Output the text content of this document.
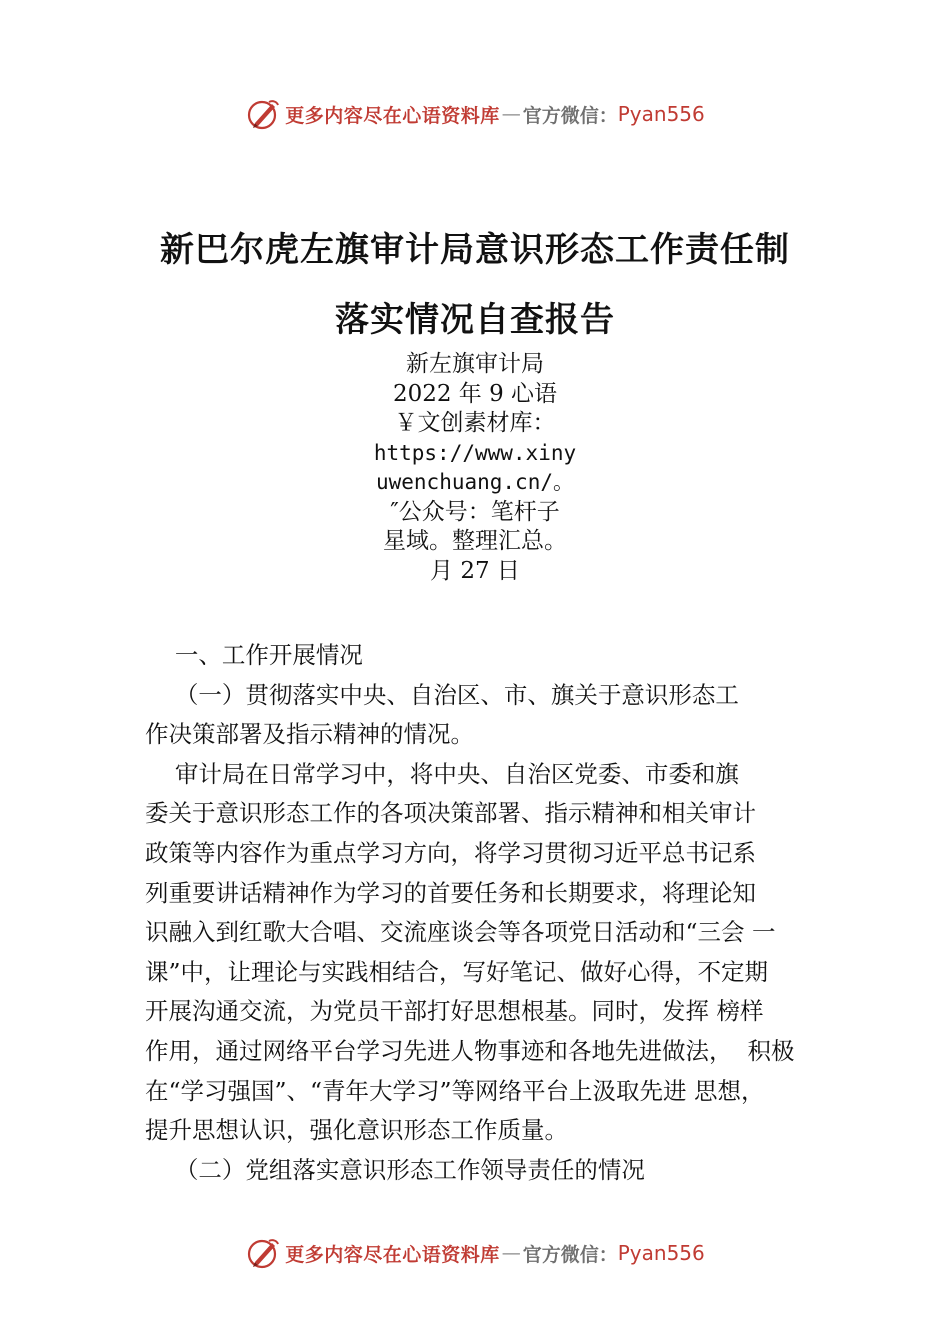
更多内容尽在心语资料库 — 官方微信： Pyan556
新巴尔虎左旗审计局意识形态工作责任制
落实情况自查报告
新左旗审计局
2022 年 9 心语
￥文创素材库：
https://www.xiny
uwenchuang.cn/。
″公众号：笔杆子
星域。整理汇总。
月 27 日
一、工作开展情况
（一）贯彻落实中央、自治区、市、旗关于意识形态工
作决策部署及指示精神的情况。
审计局在日常学习中，将中央、自治区党委、市委和旗
委关于意识形态工作的各项决策部署、指示精神和相关审计
政策等内容作为重点学习方向，将学习贯彻习近平总书记系
列重要讲话精神作为学习的首要任务和长期要求，将理论知
识融入到红歌大合唱、交流座谈会等各项党日活动和“三会 一
课”中，让理论与实践相结合，写好笔记、做好心得，不定期
开展沟通交流，为党员干部打好思想根基。同时，发挥 榜样
作用，通过网络平台学习先进人物事迹和各地先进做法，  积极
在“学习强国”、“青年大学习”等网络平台上汲取先进 思想，
提升思想认识，强化意识形态工作质量。
（二）党组落实意识形态工作领导责任的情况
更多内容尽在心语资料库 — 官方微信： Pyan556
